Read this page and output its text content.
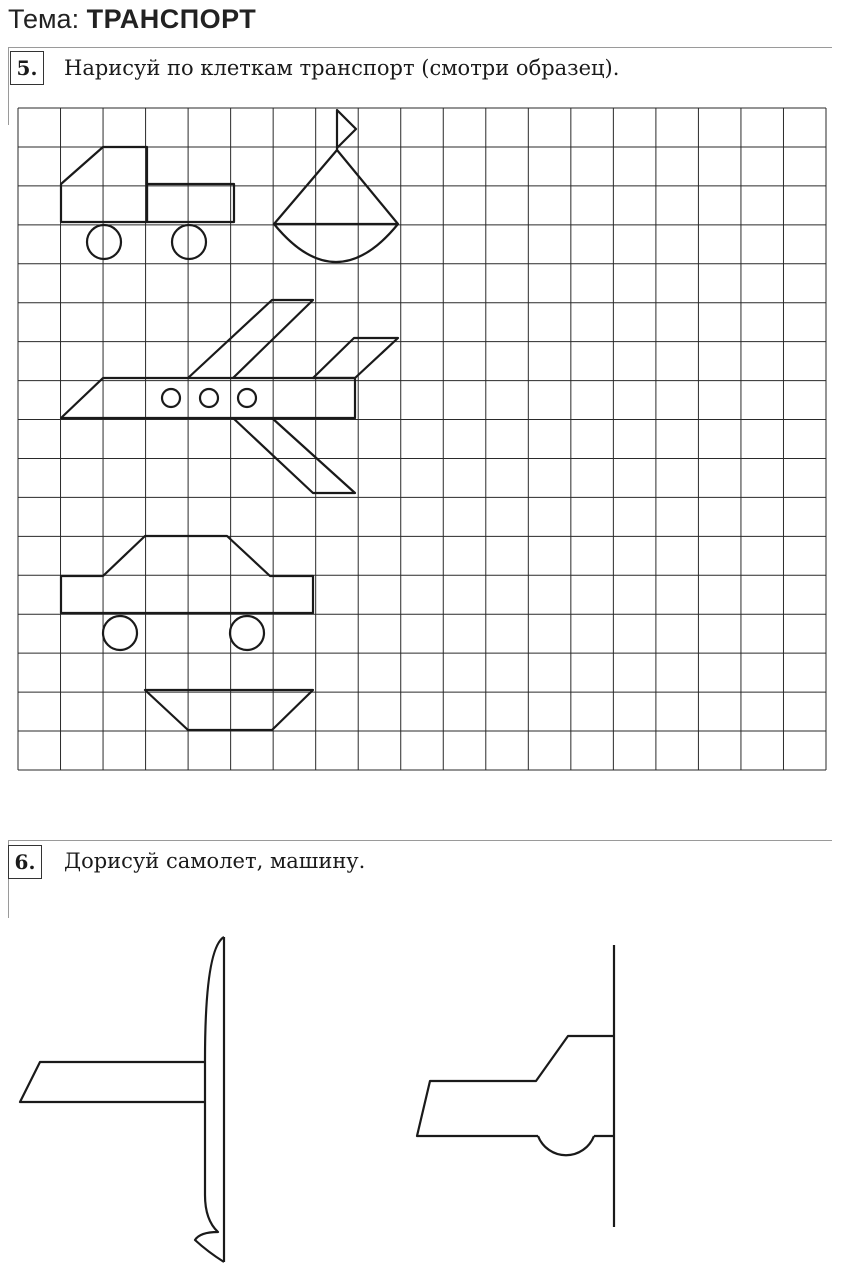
Тема: ТРАНСПОРТ
5.	Нарисуй по клеткам транспорт (смотри образец).
6.	Дорисуй самолет, машину.
